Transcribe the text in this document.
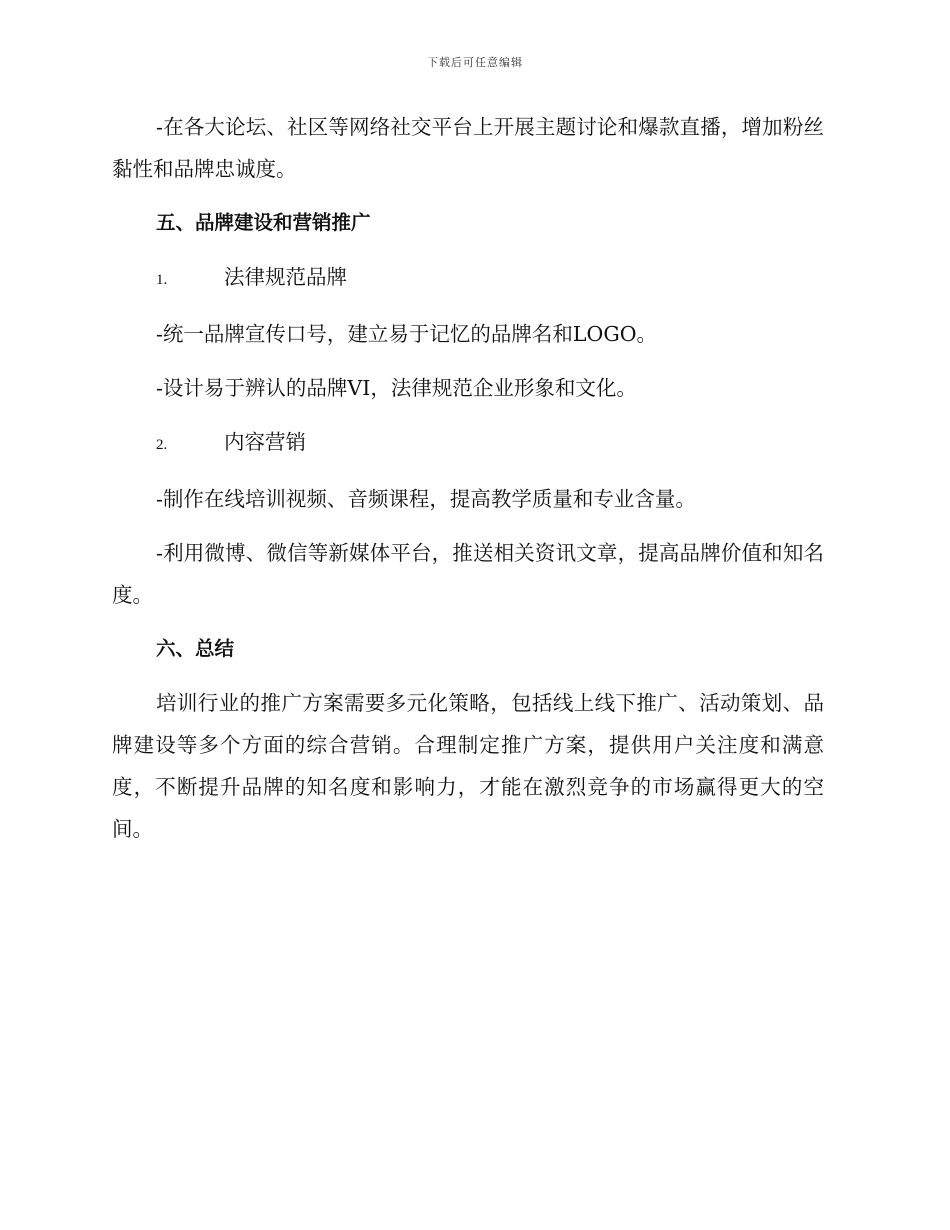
下载后可任意编辑

-在各大论坛、社区等网络社交平台上开展主题讨论和爆款直播，增加粉丝黏性和品牌忠诚度。

五、品牌建设和营销推广
1.	法律规范品牌

-统一品牌宣传口号，建立易于记忆的品牌名和LOGO。

-设计易于辨认的品牌VI，法律规范企业形象和文化。

2.	内容营销

-制作在线培训视频、音频课程，提高教学质量和专业含量。

-利用微博、微信等新媒体平台，推送相关资讯文章，提高品牌价值和知名度。

六、总结

培训行业的推广方案需要多元化策略，包括线上线下推广、活动策划、品牌建设等多个方面的综合营销。合理制定推广方案，提供用户关注度和满意度，不断提升品牌的知名度和影响力，才能在激烈竞争的市场赢得更大的空间。
